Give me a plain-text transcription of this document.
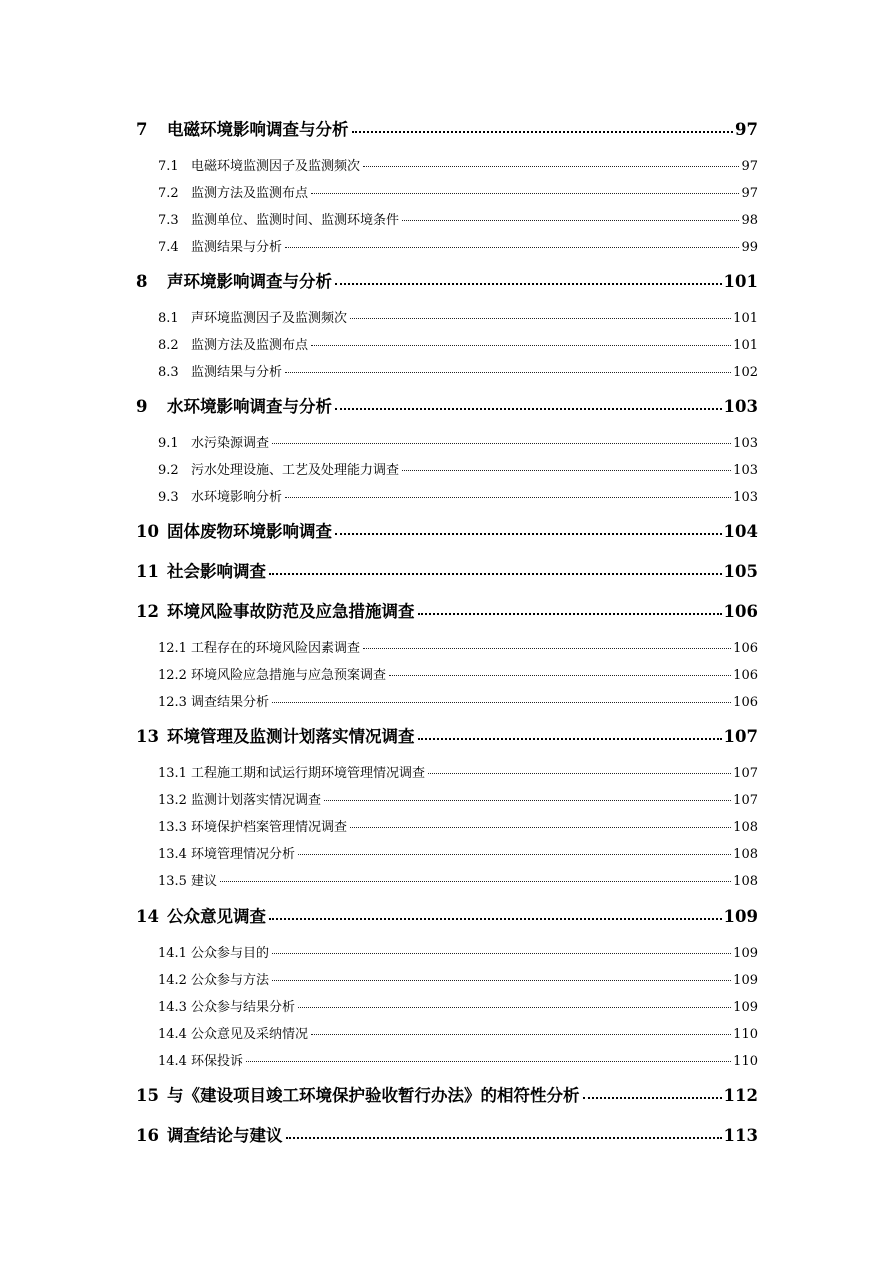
7	电磁环境影响调查与分析	97
7.1 电磁环境监测因子及监测频次	97
7.2 监测方法及监测布点	97
7.3 监测单位、监测时间、监测环境条件	98
7.4 监测结果与分析	99
8	声环境影响调查与分析	101
8.1 声环境监测因子及监测频次	101
8.2 监测方法及监测布点	101
8.3 监测结果与分析	102
9	水环境影响调查与分析	103
9.1 水污染源调查	103
9.2 污水处理设施、工艺及处理能力调查	103
9.3 水环境影响分析	103
10 固体废物环境影响调查	104
11 社会影响调查	105
12 环境风险事故防范及应急措施调查	106
12.1 工程存在的环境风险因素调查	106
12.2 环境风险应急措施与应急预案调查	106
12.3 调查结果分析	106
13 环境管理及监测计划落实情况调查	107
13.1 工程施工期和试运行期环境管理情况调查	107
13.2 监测计划落实情况调查	107
13.3 环境保护档案管理情况调查	108
13.4 环境管理情况分析	108
13.5 建议	108
14 公众意见调查	109
14.1 公众参与目的	109
14.2 公众参与方法	109
14.3 公众参与结果分析	109
14.4 公众意见及采纳情况	110
14.4 环保投诉	110
15 与《建设项目竣工环境保护验收暂行办法》的相符性分析	112
16 调查结论与建议	113
